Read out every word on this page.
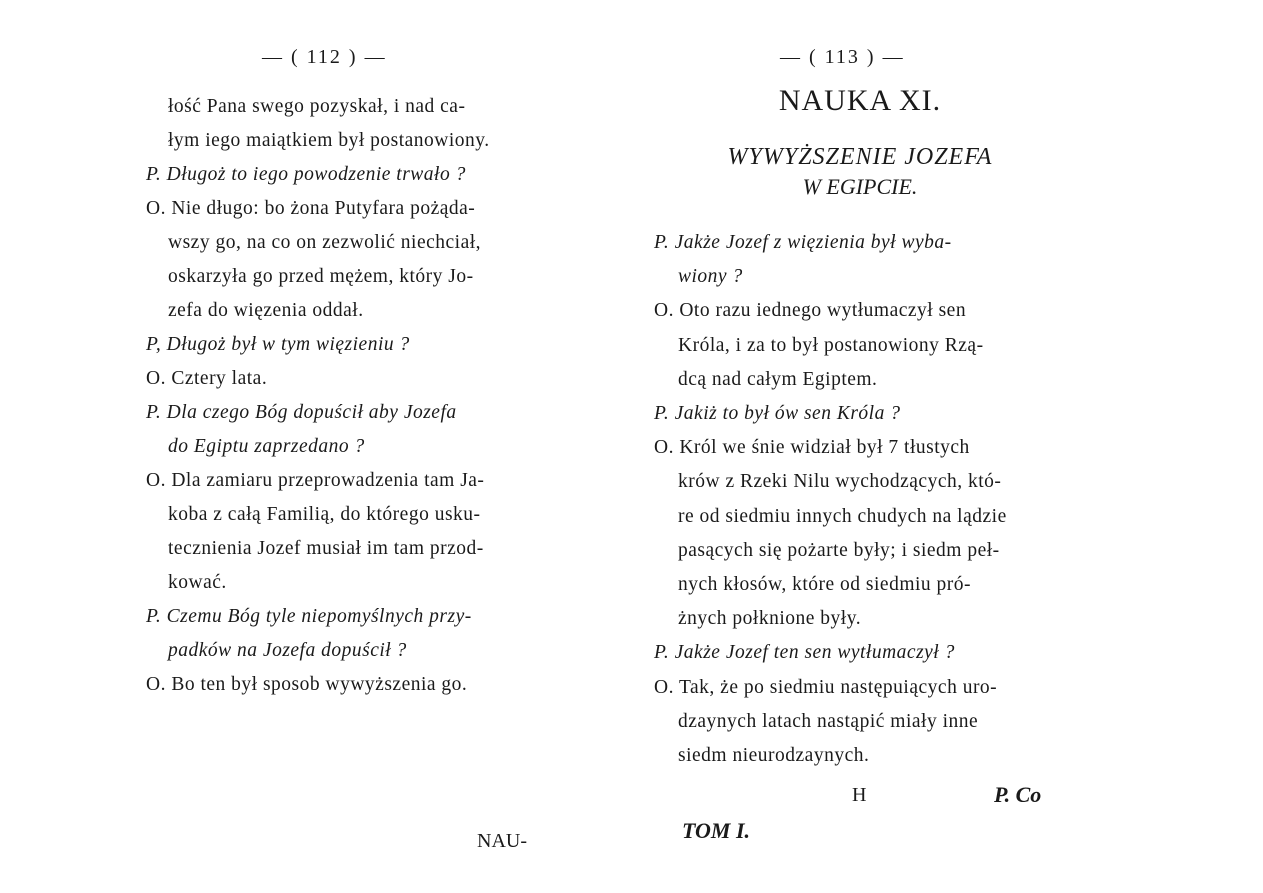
— ( 112 ) —
łość Pana swego pozyskał, i nad ca-
łym iego maiątkiem był postanowiony.
P. Długoż to iego powodzenie trwało ?
O. Nie długo: bo żona Putyfara pożąda-
wszy go, na co on zezwolić niechciał,
oskarzyła go przed mężem, który Jo-
zefa do więzenia oddał.
P, Długoż był w tym więzieniu ?
O. Cztery lata.
P. Dla czego Bóg dopuścił aby Jozefa
do Egiptu zaprzedano ?
O. Dla zamiaru przeprowadzenia tam Ja-
koba z całą Familią, do którego usku-
tecznienia Jozef musiał im tam przod-
kować.
P. Czemu Bóg tyle niepomyślnych przy-
padków na Jozefa dopuścił ?
O. Bo ten był sposob wywyższenia go.
NAU-
— ( 113 ) —
NAUKA XI.
WYWYŻSZENIE JOZEFA
W EGIPCIE.
P. Jakże Jozef z więzienia był wyba-
wiony ?
O. Oto razu iednego wytłumaczył sen
Króla, i za to był postanowiony Rzą-
dcą nad całym Egiptem.
P. Jakiż to był ów sen Króla ?
O. Król we śnie widział był 7 tłustych
krów z Rzeki Nilu wychodzących, któ-
re od siedmiu innych chudych na lądzie
pasących się pożarte były; i siedm peł-
nych kłosów, które od siedmiu pró-
żnych połknione były.
P. Jakże Jozef ten sen wytłumaczył ?
O. Tak, że po siedmiu następuiących uro-
dzaynych latach nastąpić miały inne
siedm nieurodzaynych.
H	P. Co
TOM I.
